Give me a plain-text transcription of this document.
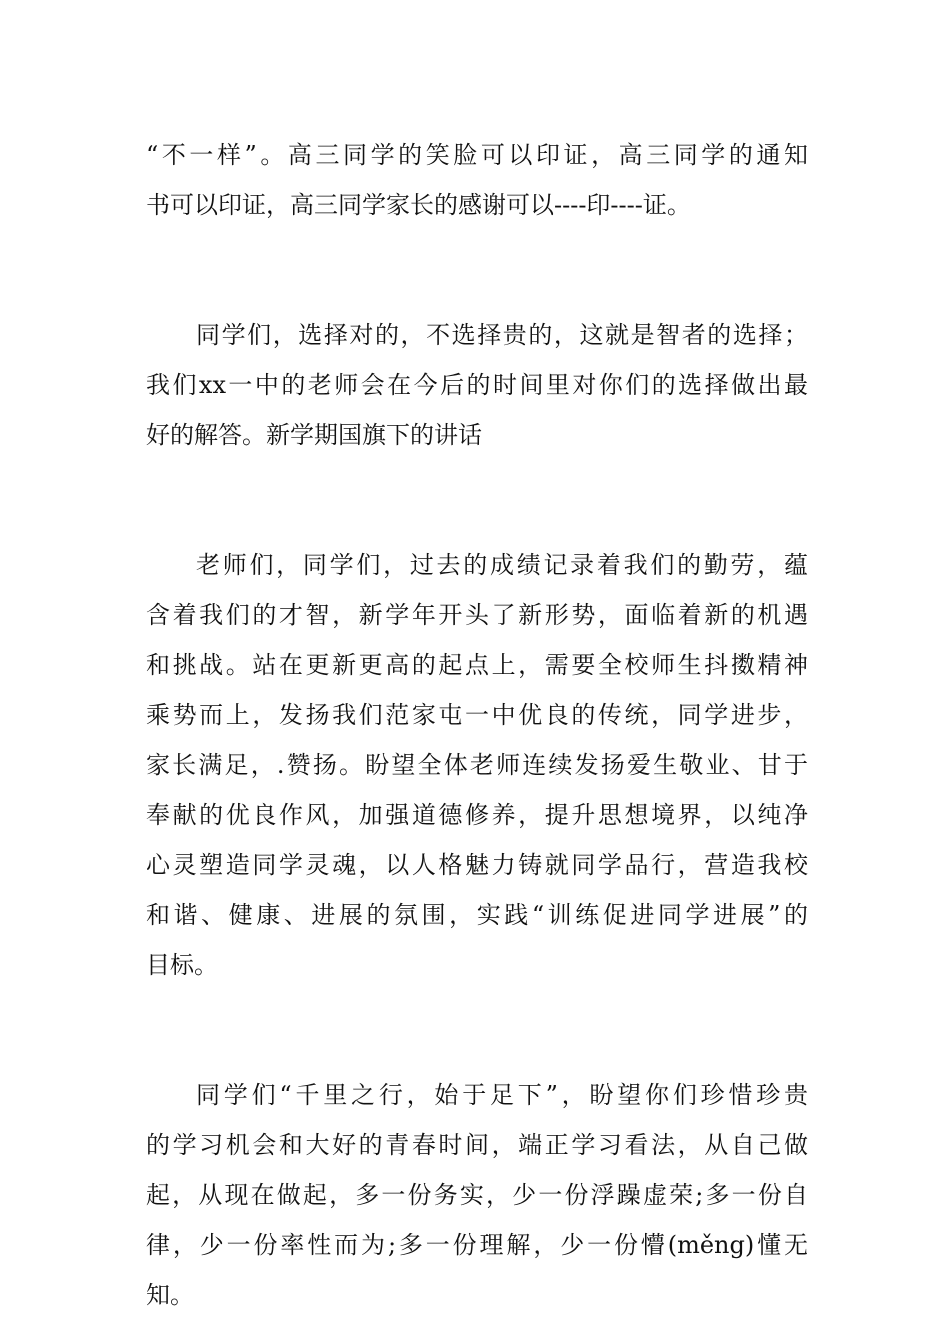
“不一样”。高三同学的笑脸可以印证，高三同学的通知
书可以印证，高三同学家长的感谢可以----印----证。
同学们，选择对的，不选择贵的，这就是智者的选择；
我们xx一中的老师会在今后的时间里对你们的选择做出最
好的解答。新学期国旗下的讲话
老师们，同学们，过去的成绩记录着我们的勤劳，蕴
含着我们的才智，新学年开头了新形势，面临着新的机遇
和挑战。站在更新更高的起点上，需要全校师生抖擞精神
乘势而上，发扬我们范家屯一中优良的传统，同学进步，
家长满足，.赞扬。盼望全体老师连续发扬爱生敬业、甘于
奉献的优良作风，加强道德修养，提升思想境界，以纯净
心灵塑造同学灵魂，以人格魅力铸就同学品行，营造我校
和谐、健康、进展的氛围，实践“训练促进同学进展”的
目标。
同学们“千里之行，始于足下”，盼望你们珍惜珍贵
的学习机会和大好的青春时间，端正学习看法，从自己做
起，从现在做起，多一份务实，少一份浮躁虚荣;多一份自
律，少一份率性而为;多一份理解，少一份懵(měng)懂无
知。
